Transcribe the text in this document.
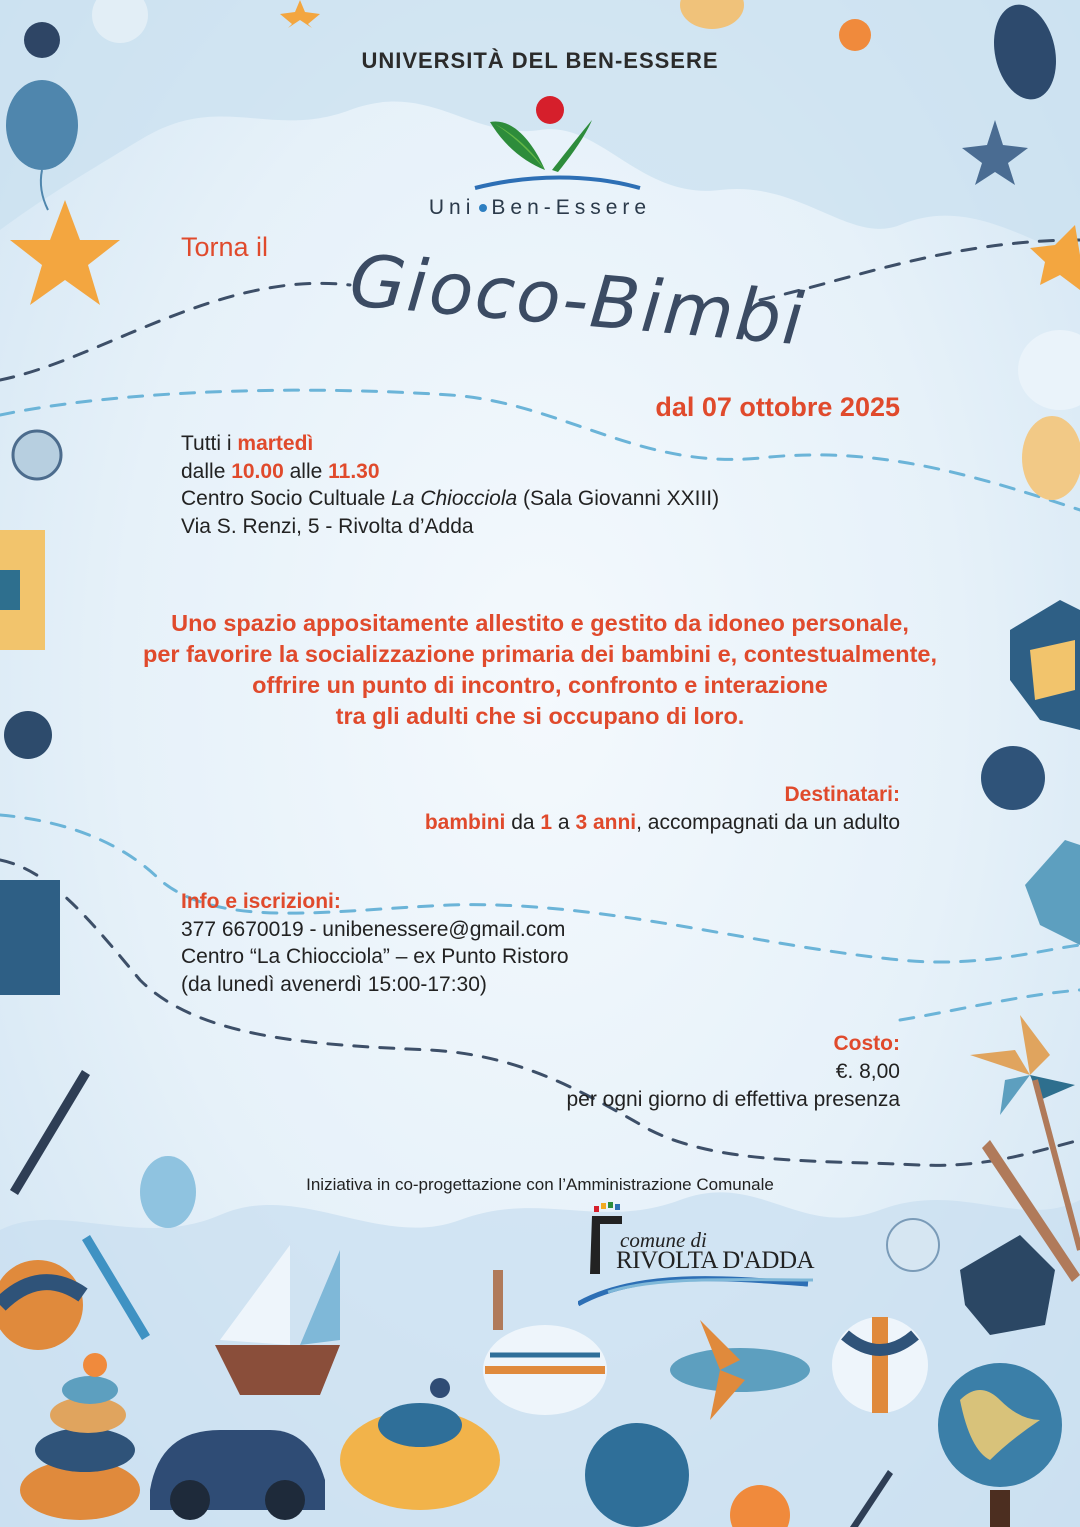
UNIVERSITÀ DEL BEN-ESSERE
Uni Ben-Essere
Torna il Gioco-Bimbi
dal 07 ottobre 2025
Tutti i martedì
dalle 10.00 alle 11.30
Centro Socio Cultuale La Chiocciola (Sala Giovanni XXIII)
Via S. Renzi, 5 - Rivolta d’Adda
Uno spazio appositamente allestito e gestito da idoneo personale,
per favorire la socializzazione primaria dei bambini e, contestualmente,
offrire un punto di incontro, confronto e interazione
tra gli adulti che si occupano di loro.
Destinatari:
bambini da 1 a 3 anni, accompagnati da un adulto
Info e iscrizioni:
377 6670019 - unibenessere@gmail.com
Centro “La Chiocciola” – ex Punto Ristoro
(da lunedì avenerdì 15:00-17:30)
Costo:
€. 8,00
per ogni giorno di effettiva presenza
Iniziativa in co-progettazione con l’Amministrazione Comunale
comune di
RIVOLTA D'ADDA
